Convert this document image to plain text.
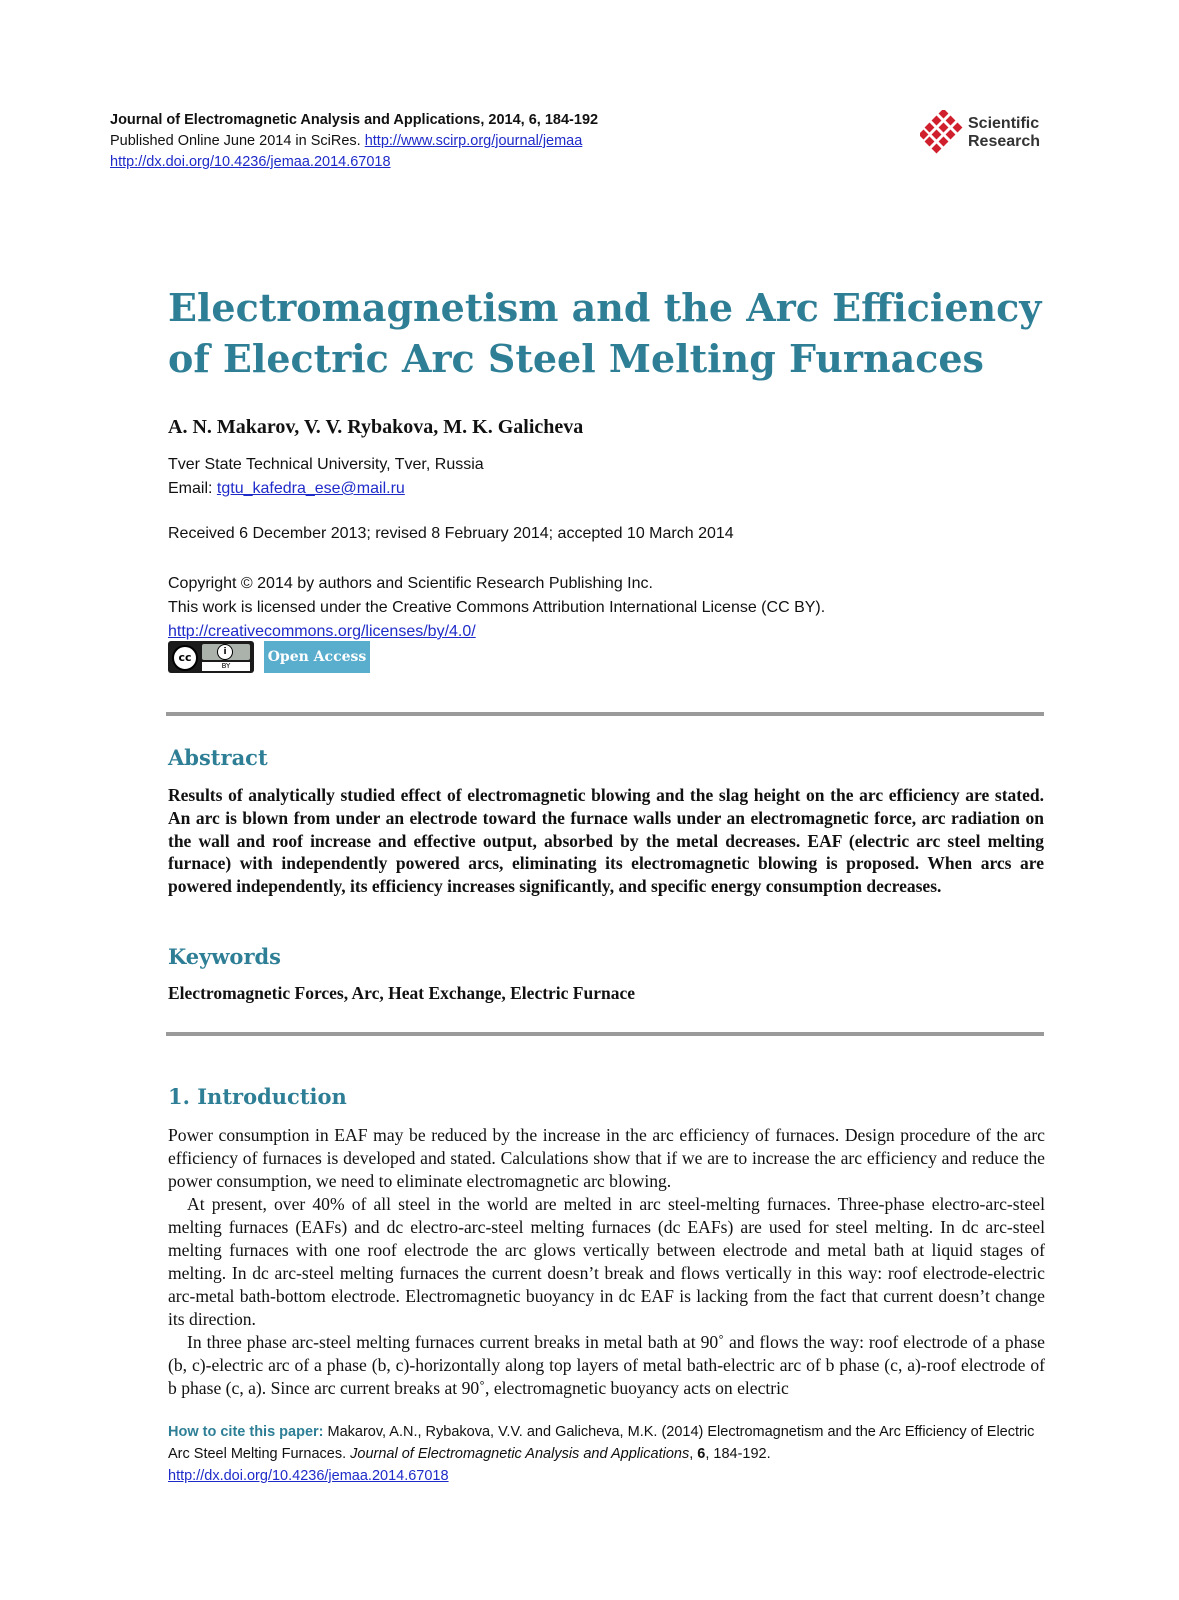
Journal of Electromagnetic Analysis and Applications, 2014, 6, 184-192
Published Online June 2014 in SciRes. http://www.scirp.org/journal/jemaa
http://dx.doi.org/10.4236/jemaa.2014.67018
Scientific
Research
Electromagnetism and the Arc Efficiency of Electric Arc Steel Melting Furnaces
A. N. Makarov, V. V. Rybakova, M. K. Galicheva
Tver State Technical University, Tver, Russia
Email: tgtu_kafedra_ese@mail.ru
Received 6 December 2013; revised 8 February 2014; accepted 10 March 2014
Copyright © 2014 by authors and Scientific Research Publishing Inc.
This work is licensed under the Creative Commons Attribution International License (CC BY).
http://creativecommons.org/licenses/by/4.0/
cc	i
BY
Open Access
Abstract
Results of analytically studied effect of electromagnetic blowing and the slag height on the arc efficiency are stated. An arc is blown from under an electrode toward the furnace walls under an electromagnetic force, arc radiation on the wall and roof increase and effective output, absorbed by the metal decreases. EAF (electric arc steel melting furnace) with independently powered arcs, eliminating its electromagnetic blowing is proposed. When arcs are powered independently, its efficiency increases significantly, and specific energy consumption decreases.
Keywords
Electromagnetic Forces, Arc, Heat Exchange, Electric Furnace
1. Introduction

Power consumption in EAF may be reduced by the increase in the arc efficiency of furnaces. Design procedure of the arc efficiency of furnaces is developed and stated. Calculations show that if we are to increase the arc efficiency and reduce the power consumption, we need to eliminate electromagnetic arc blowing.

At present, over 40% of all steel in the world are melted in arc steel-melting furnaces. Three-phase electro-arc-steel melting furnaces (EAFs) and dc electro-arc-steel melting furnaces (dc EAFs) are used for steel melting. In dc arc-steel melting furnaces with one roof electrode the arc glows vertically between electrode and metal bath at liquid stages of melting. In dc arc-steel melting furnaces the current doesn’t break and flows vertically in this way: roof electrode-electric arc-metal bath-bottom electrode. Electromagnetic buoyancy in dc EAF is lacking from the fact that current doesn’t change its direction.

In three phase arc-steel melting furnaces current breaks in metal bath at 90˚ and flows the way: roof electrode of a phase (b, c)-electric arc of a phase (b, c)-horizontally along top layers of metal bath-electric arc of b phase (c, a)-roof electrode of b phase (c, a). Since arc current breaks at 90˚, electromagnetic buoyancy acts on electric

How to cite this paper: Makarov, A.N., Rybakova, V.V. and Galicheva, M.K. (2014) Electromagnetism and the Arc Efficiency of Electric Arc Steel Melting Furnaces. Journal of Electromagnetic Analysis and Applications, 6, 184-192.
http://dx.doi.org/10.4236/jemaa.2014.67018
